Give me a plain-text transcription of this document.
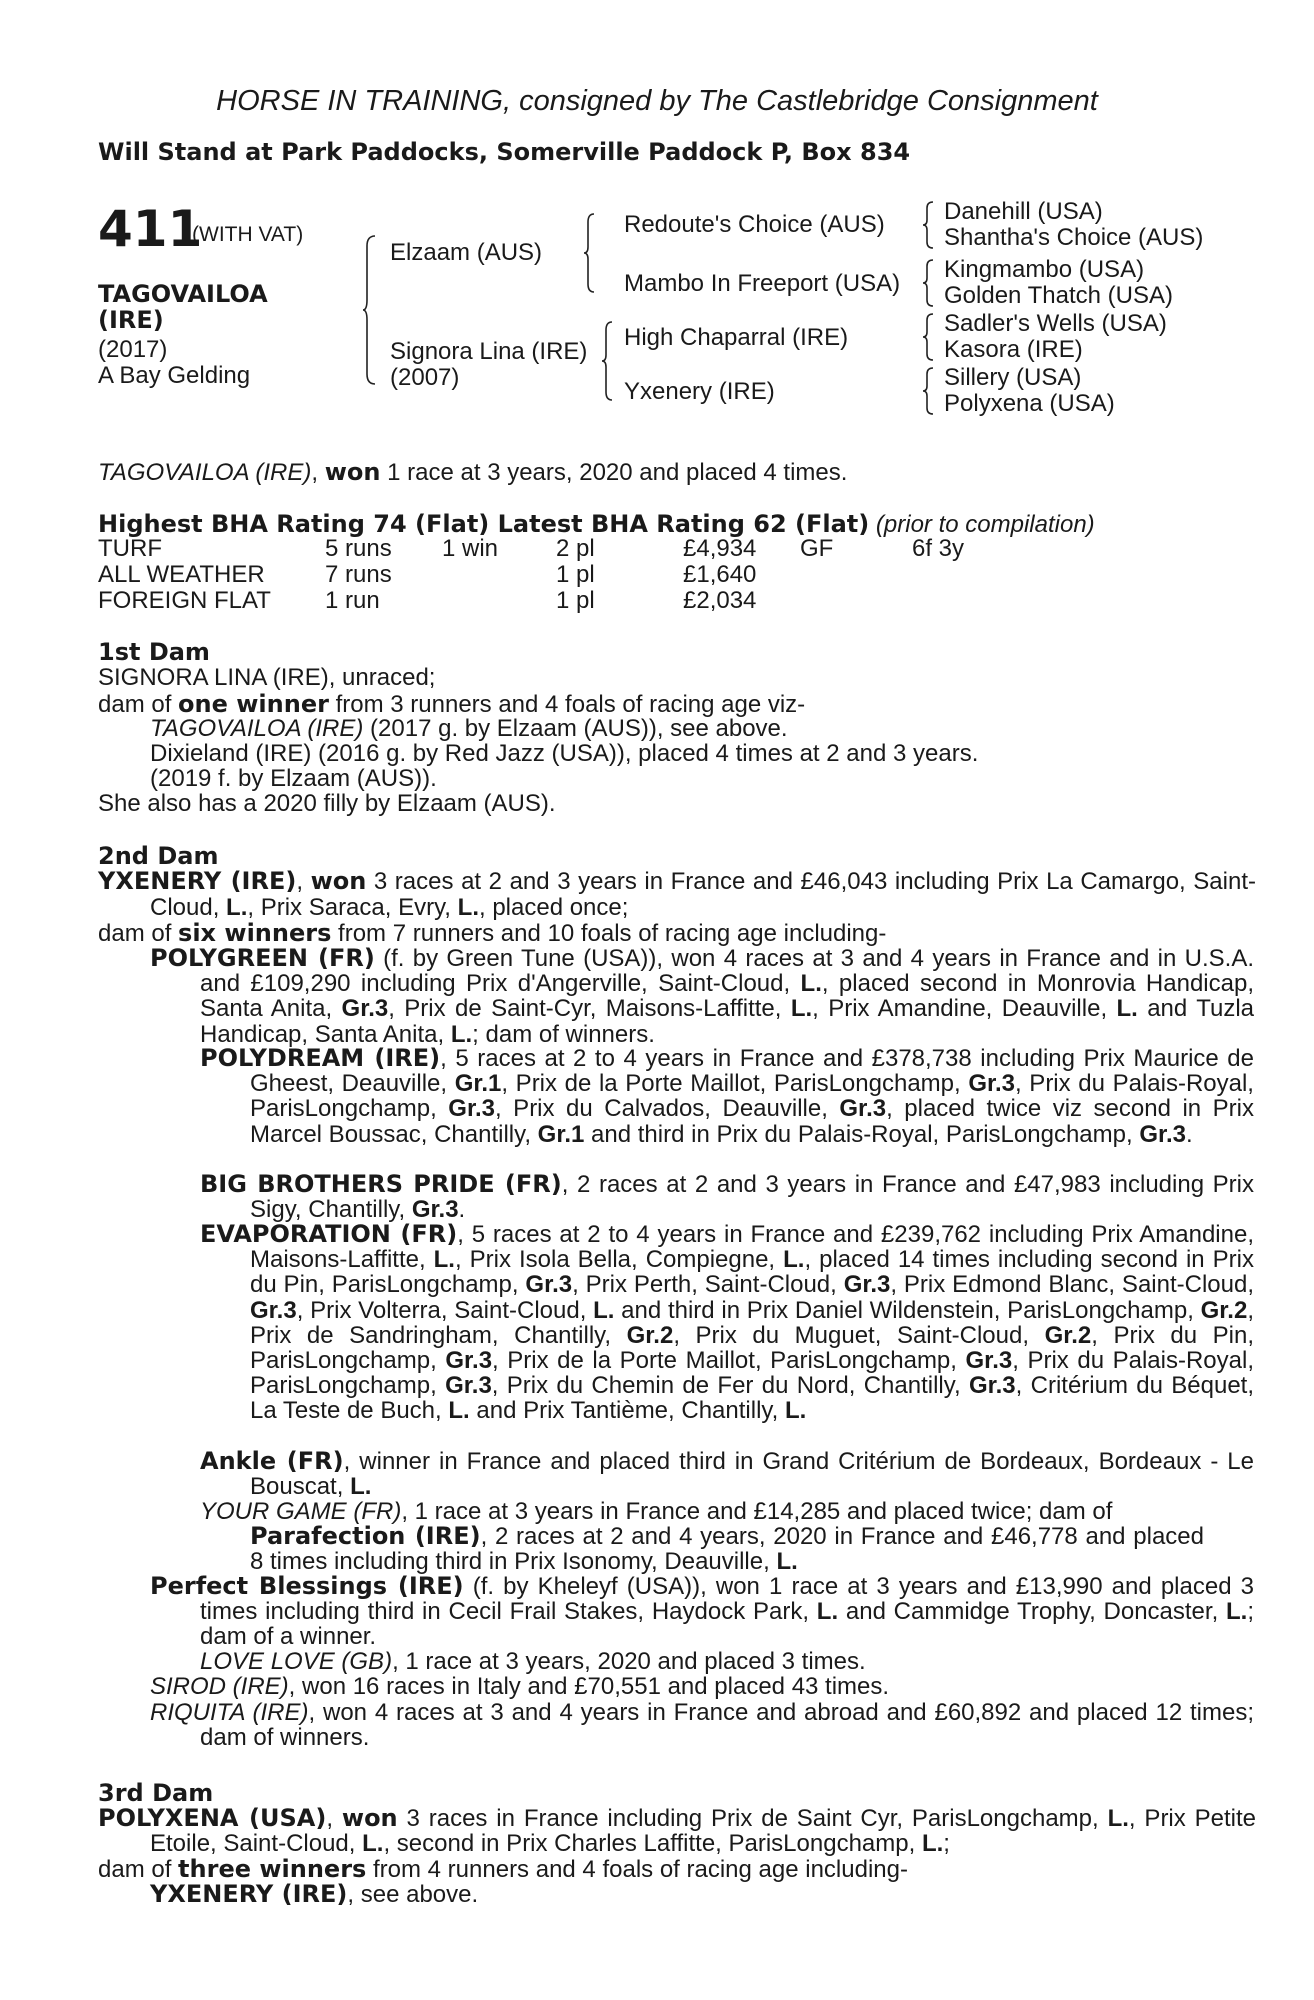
HORSE IN TRAINING, consigned by The Castlebridge Consignment
Will Stand at Park Paddocks, Somerville Paddock P, Box 834
411
(WITH VAT)
TAGOVAILOA
(IRE)
(2017)
A Bay Gelding
Elzaam (AUS)
Signora Lina (IRE)
(2007)
Redoute's Choice (AUS)
Mambo In Freeport (USA)
High Chaparral (IRE)
Yxenery (IRE)
Danehill (USA)
Shantha's Choice (AUS)
Kingmambo (USA)
Golden Thatch (USA)
Sadler's Wells (USA)
Kasora (IRE)
Sillery (USA)
Polyxena (USA)
TAGOVAILOA (IRE), won 1 race at 3 years, 2020 and placed 4 times.
Highest BHA Rating 74 (Flat) Latest BHA Rating 62 (Flat) (prior to compilation)
TURF	5 runs 1 win 2 pl	£4,934 GF	6f 3y
ALL WEATHER	7 runs	1 pl	£1,640
FOREIGN FLAT 1 run	1 pl	£2,034
1st Dam
SIGNORA LINA (IRE), unraced;
dam of one winner from 3 runners and 4 foals of racing age viz-
TAGOVAILOA (IRE) (2017 g. by Elzaam (AUS)), see above.
Dixieland (IRE) (2016 g. by Red Jazz (USA)), placed 4 times at 2 and 3 years.
(2019 f. by Elzaam (AUS)).
She also has a 2020 filly by Elzaam (AUS).
2nd Dam
YXENERY (IRE), won 3 races at 2 and 3 years in France and £46,043 including Prix La Camargo, Saint-Cloud, L., Prix Saraca, Evry, L., placed once;
dam of six winners from 7 runners and 10 foals of racing age including-
POLYGREEN (FR) (f. by Green Tune (USA)), won 4 races at 3 and 4 years in France and in U.S.A. and £109,290 including Prix d'Angerville, Saint-Cloud, L., placed second in Monrovia Handicap, Santa Anita, Gr.3, Prix de Saint-Cyr, Maisons-Laffitte, L., Prix Amandine, Deauville, L. and Tuzla Handicap, Santa Anita, L.; dam of winners.
POLYDREAM (IRE), 5 races at 2 to 4 years in France and £378,738 including Prix Maurice de Gheest, Deauville, Gr.1, Prix de la Porte Maillot, ParisLongchamp, Gr.3, Prix du Palais-Royal, ParisLongchamp, Gr.3, Prix du Calvados, Deauville, Gr.3, placed twice viz second in Prix Marcel Boussac, Chantilly, Gr.1 and third in Prix du Palais-Royal, ParisLongchamp, Gr.3.
BIG BROTHERS PRIDE (FR), 2 races at 2 and 3 years in France and £47,983 including Prix Sigy, Chantilly, Gr.3.
EVAPORATION (FR), 5 races at 2 to 4 years in France and £239,762 including Prix Amandine, Maisons-Laffitte, L., Prix Isola Bella, Compiegne, L., placed 14 times including second in Prix du Pin, ParisLongchamp, Gr.3, Prix Perth, Saint-Cloud, Gr.3, Prix Edmond Blanc, Saint-Cloud, Gr.3, Prix Volterra, Saint-Cloud, L. and third in Prix Daniel Wildenstein, ParisLongchamp, Gr.2, Prix de Sandringham, Chantilly, Gr.2, Prix du Muguet, Saint-Cloud, Gr.2, Prix du Pin, ParisLongchamp, Gr.3, Prix de la Porte Maillot, ParisLongchamp, Gr.3, Prix du Palais-Royal, ParisLongchamp, Gr.3, Prix du Chemin de Fer du Nord, Chantilly, Gr.3, Critérium du Béquet, La Teste de Buch, L. and Prix Tantième, Chantilly, L.
Ankle (FR), winner in France and placed third in Grand Critérium de Bordeaux, Bordeaux - Le Bouscat, L.
YOUR GAME (FR), 1 race at 3 years in France and £14,285 and placed twice; dam of
Parafection (IRE), 2 races at 2 and 4 years, 2020 in France and £46,778 and placed 8 times including third in Prix Isonomy, Deauville, L.
Perfect Blessings (IRE) (f. by Kheleyf (USA)), won 1 race at 3 years and £13,990 and placed 3 times including third in Cecil Frail Stakes, Haydock Park, L. and Cammidge Trophy, Doncaster, L.; dam of a winner.
LOVE LOVE (GB), 1 race at 3 years, 2020 and placed 3 times.
SIROD (IRE), won 16 races in Italy and £70,551 and placed 43 times.
RIQUITA (IRE), won 4 races at 3 and 4 years in France and abroad and £60,892 and placed 12 times; dam of winners.
3rd Dam
POLYXENA (USA), won 3 races in France including Prix de Saint Cyr, ParisLongchamp, L., Prix Petite Etoile, Saint-Cloud, L., second in Prix Charles Laffitte, ParisLongchamp, L.;
dam of three winners from 4 runners and 4 foals of racing age including-
YXENERY (IRE), see above.
